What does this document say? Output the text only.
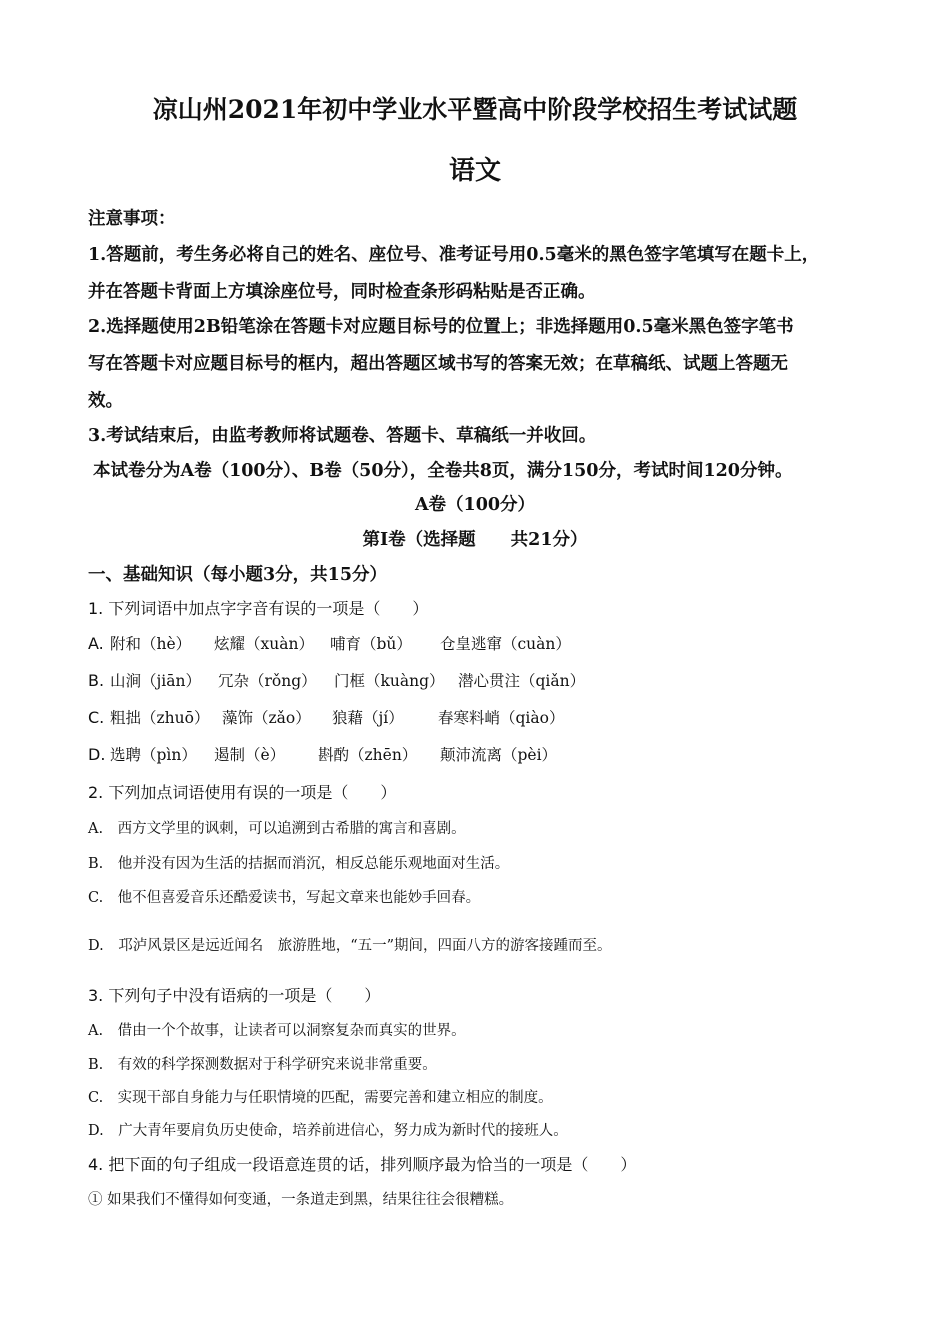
凉山州2021年初中学业水平暨高中阶段学校招生考试试题
语文
注意事项：
1.答题前，考生务必将自己的姓名、座位号、准考证号用0.5毫米的黑色签字笔填写在题卡上，
并在答题卡背面上方填涂座位号，同时检查条形码粘贴是否正确。
2.选择题使用2B铅笔涂在答题卡对应题目标号的位置上；非选择题用0.5毫米黑色签字笔书
写在答题卡对应题目标号的框内，超出答题区域书写的答案无效；在草稿纸、试题上答题无
效。
3.考试结束后，由监考教师将试题卷、答题卡、草稿纸一并收回。
本试卷分为A卷（100分）、B卷（50分），全卷共8页，满分150分，考试时间120分钟。
A卷（100分）
第Ⅰ卷（选择题　　共21分）
一、基础知识（每小题3分，共15分）
1. 下列词语中加点字字音有误的一项是（　　）
A. 附和（hè）	炫耀（xuàn）	哺育（bǔ）	仓皇逃窜（cuàn）
B. 山涧（jiān）	冗杂（rǒng）	门框（kuàng） 潜心贯注（qiǎn）
C. 粗拙（zhuō） 藻饰（zǎo）	狼藉（jí）	春寒料峭（qiào）
D. 选聘（pìn）	遏制（è）	斟酌（zhēn）	颠沛流离（pèi）
2. 下列加点词语使用有误的一项是（　　）
A.　西方文学里的讽刺，可以追溯到古希腊的寓言和喜剧。
B.　他并没有因为生活的拮据而消沉，相反总能乐观地面对生活。
C.　他不但喜爱音乐还酷爱读书，写起文章来也能妙手回春。
D.　邛泸风景区是远近闻名　旅游胜地，“五一”期间，四面八方的游客接踵而至。
3. 下列句子中没有语病的一项是（　　）
A.　借由一个个故事，让读者可以洞察复杂而真实的世界。
B.　有效的科学探测数据对于科学研究来说非常重要。
C.　实现干部自身能力与任职情境的匹配，需要完善和建立相应的制度。
D.　广大青年要肩负历史使命，培养前进信心，努力成为新时代的接班人。
4. 把下面的句子组成一段语意连贯的话，排列顺序最为恰当的一项是（　　）
① 如果我们不懂得如何变通，一条道走到黑，结果往往会很糟糕。
